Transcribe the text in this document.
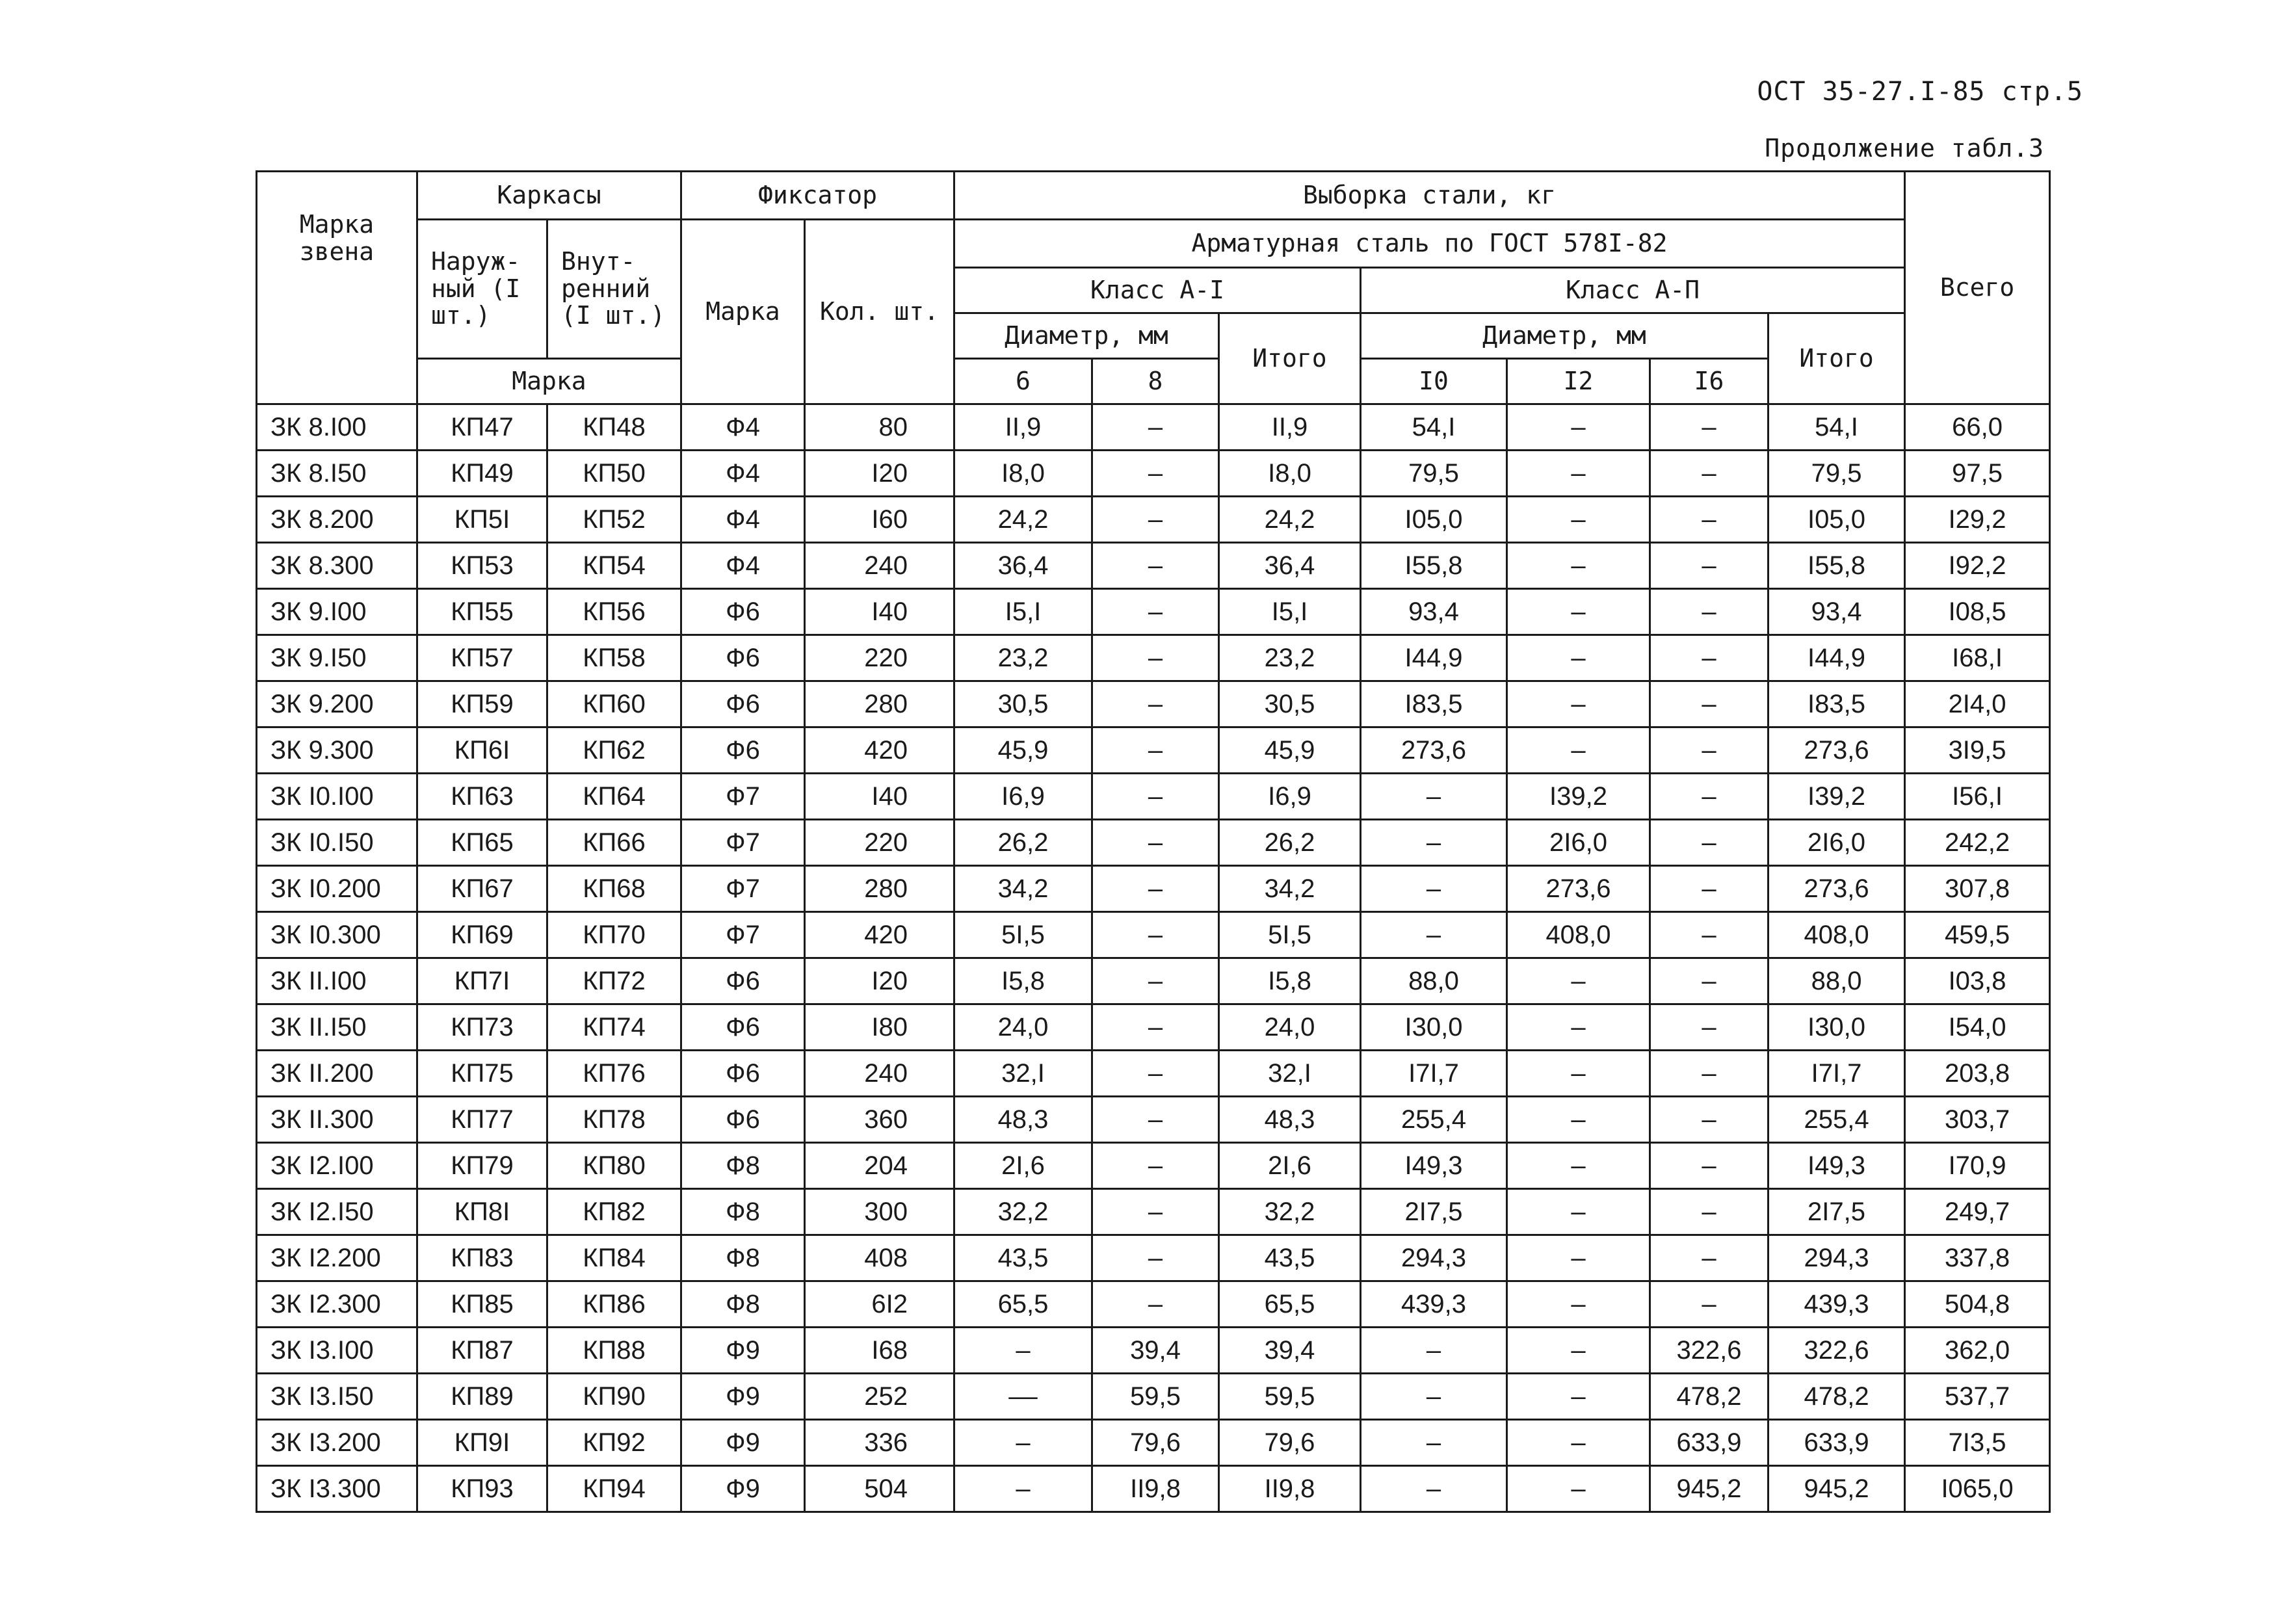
ОСТ 35-27.I-85 стр.5
Продолжение табл.3
Марка звена	Каркасы		Фиксатор		Выборка стали, кг							Всего
	Наруж- ный (I шт.)	Внут- ренний (I шт.)	Марка	Кол. шт.	Арматурная сталь по ГОСТ 578I-82							
					Класс А-I			Класс А-П				
					Диаметр, мм		Итого	Диаметр, мм			Итого	
	Марка				6	8		I0	I2	I6		
ЗК 8.I00	КП47	КП48	Ф4	80	II,9	–	II,9	54,I	–	–	54,I	66,0
ЗК 8.I50	КП49	КП50	Ф4	I20	I8,0	–	I8,0	79,5	–	–	79,5	97,5
ЗК 8.200	КП5I	КП52	Ф4	I60	24,2	–	24,2	I05,0	–	–	I05,0	I29,2
ЗК 8.300	КП53	КП54	Ф4	240	36,4	–	36,4	I55,8	–	–	I55,8	I92,2
ЗК 9.I00	КП55	КП56	Ф6	I40	I5,I	–	I5,I	93,4	–	–	93,4	I08,5
ЗК 9.I50	КП57	КП58	Ф6	220	23,2	–	23,2	I44,9	–	–	I44,9	I68,I
ЗК 9.200	КП59	КП60	Ф6	280	30,5	–	30,5	I83,5	–	–	I83,5	2I4,0
ЗК 9.300	КП6I	КП62	Ф6	420	45,9	–	45,9	273,6	–	–	273,6	3I9,5
ЗК I0.I00	КП63	КП64	Ф7	I40	I6,9	–	I6,9	–	I39,2	–	I39,2	I56,I
ЗК I0.I50	КП65	КП66	Ф7	220	26,2	–	26,2	–	2I6,0	–	2I6,0	242,2
ЗК I0.200	КП67	КП68	Ф7	280	34,2	–	34,2	–	273,6	–	273,6	307,8
ЗК I0.300	КП69	КП70	Ф7	420	5I,5	–	5I,5	–	408,0	–	408,0	459,5
ЗК II.I00	КП7I	КП72	Ф6	I20	I5,8	–	I5,8	88,0	–	–	88,0	I03,8
ЗК II.I50	КП73	КП74	Ф6	I80	24,0	–	24,0	I30,0	–	–	I30,0	I54,0
ЗК II.200	КП75	КП76	Ф6	240	32,I	–	32,I	I7I,7	–	–	I7I,7	203,8
ЗК II.300	КП77	КП78	Ф6	360	48,3	–	48,3	255,4	–	–	255,4	303,7
ЗК I2.I00	КП79	КП80	Ф8	204	2I,6	–	2I,6	I49,3	–	–	I49,3	I70,9
ЗК I2.I50	КП8I	КП82	Ф8	300	32,2	–	32,2	2I7,5	–	–	2I7,5	249,7
ЗК I2.200	КП83	КП84	Ф8	408	43,5	–	43,5	294,3	–	–	294,3	337,8
ЗК I2.300	КП85	КП86	Ф8	6I2	65,5	–	65,5	439,3	–	–	439,3	504,8
ЗК I3.I00	КП87	КП88	Ф9	I68	–	39,4	39,4	–	–	322,6	322,6	362,0
ЗК I3.I50	КП89	КП90	Ф9	252	––	59,5	59,5	–	–	478,2	478,2	537,7
ЗК I3.200	КП9I	КП92	Ф9	336	–	79,6	79,6	–	–	633,9	633,9	7I3,5
ЗК I3.300	КП93	КП94	Ф9	504	–	II9,8	II9,8	–	–	945,2	945,2	I065,0
